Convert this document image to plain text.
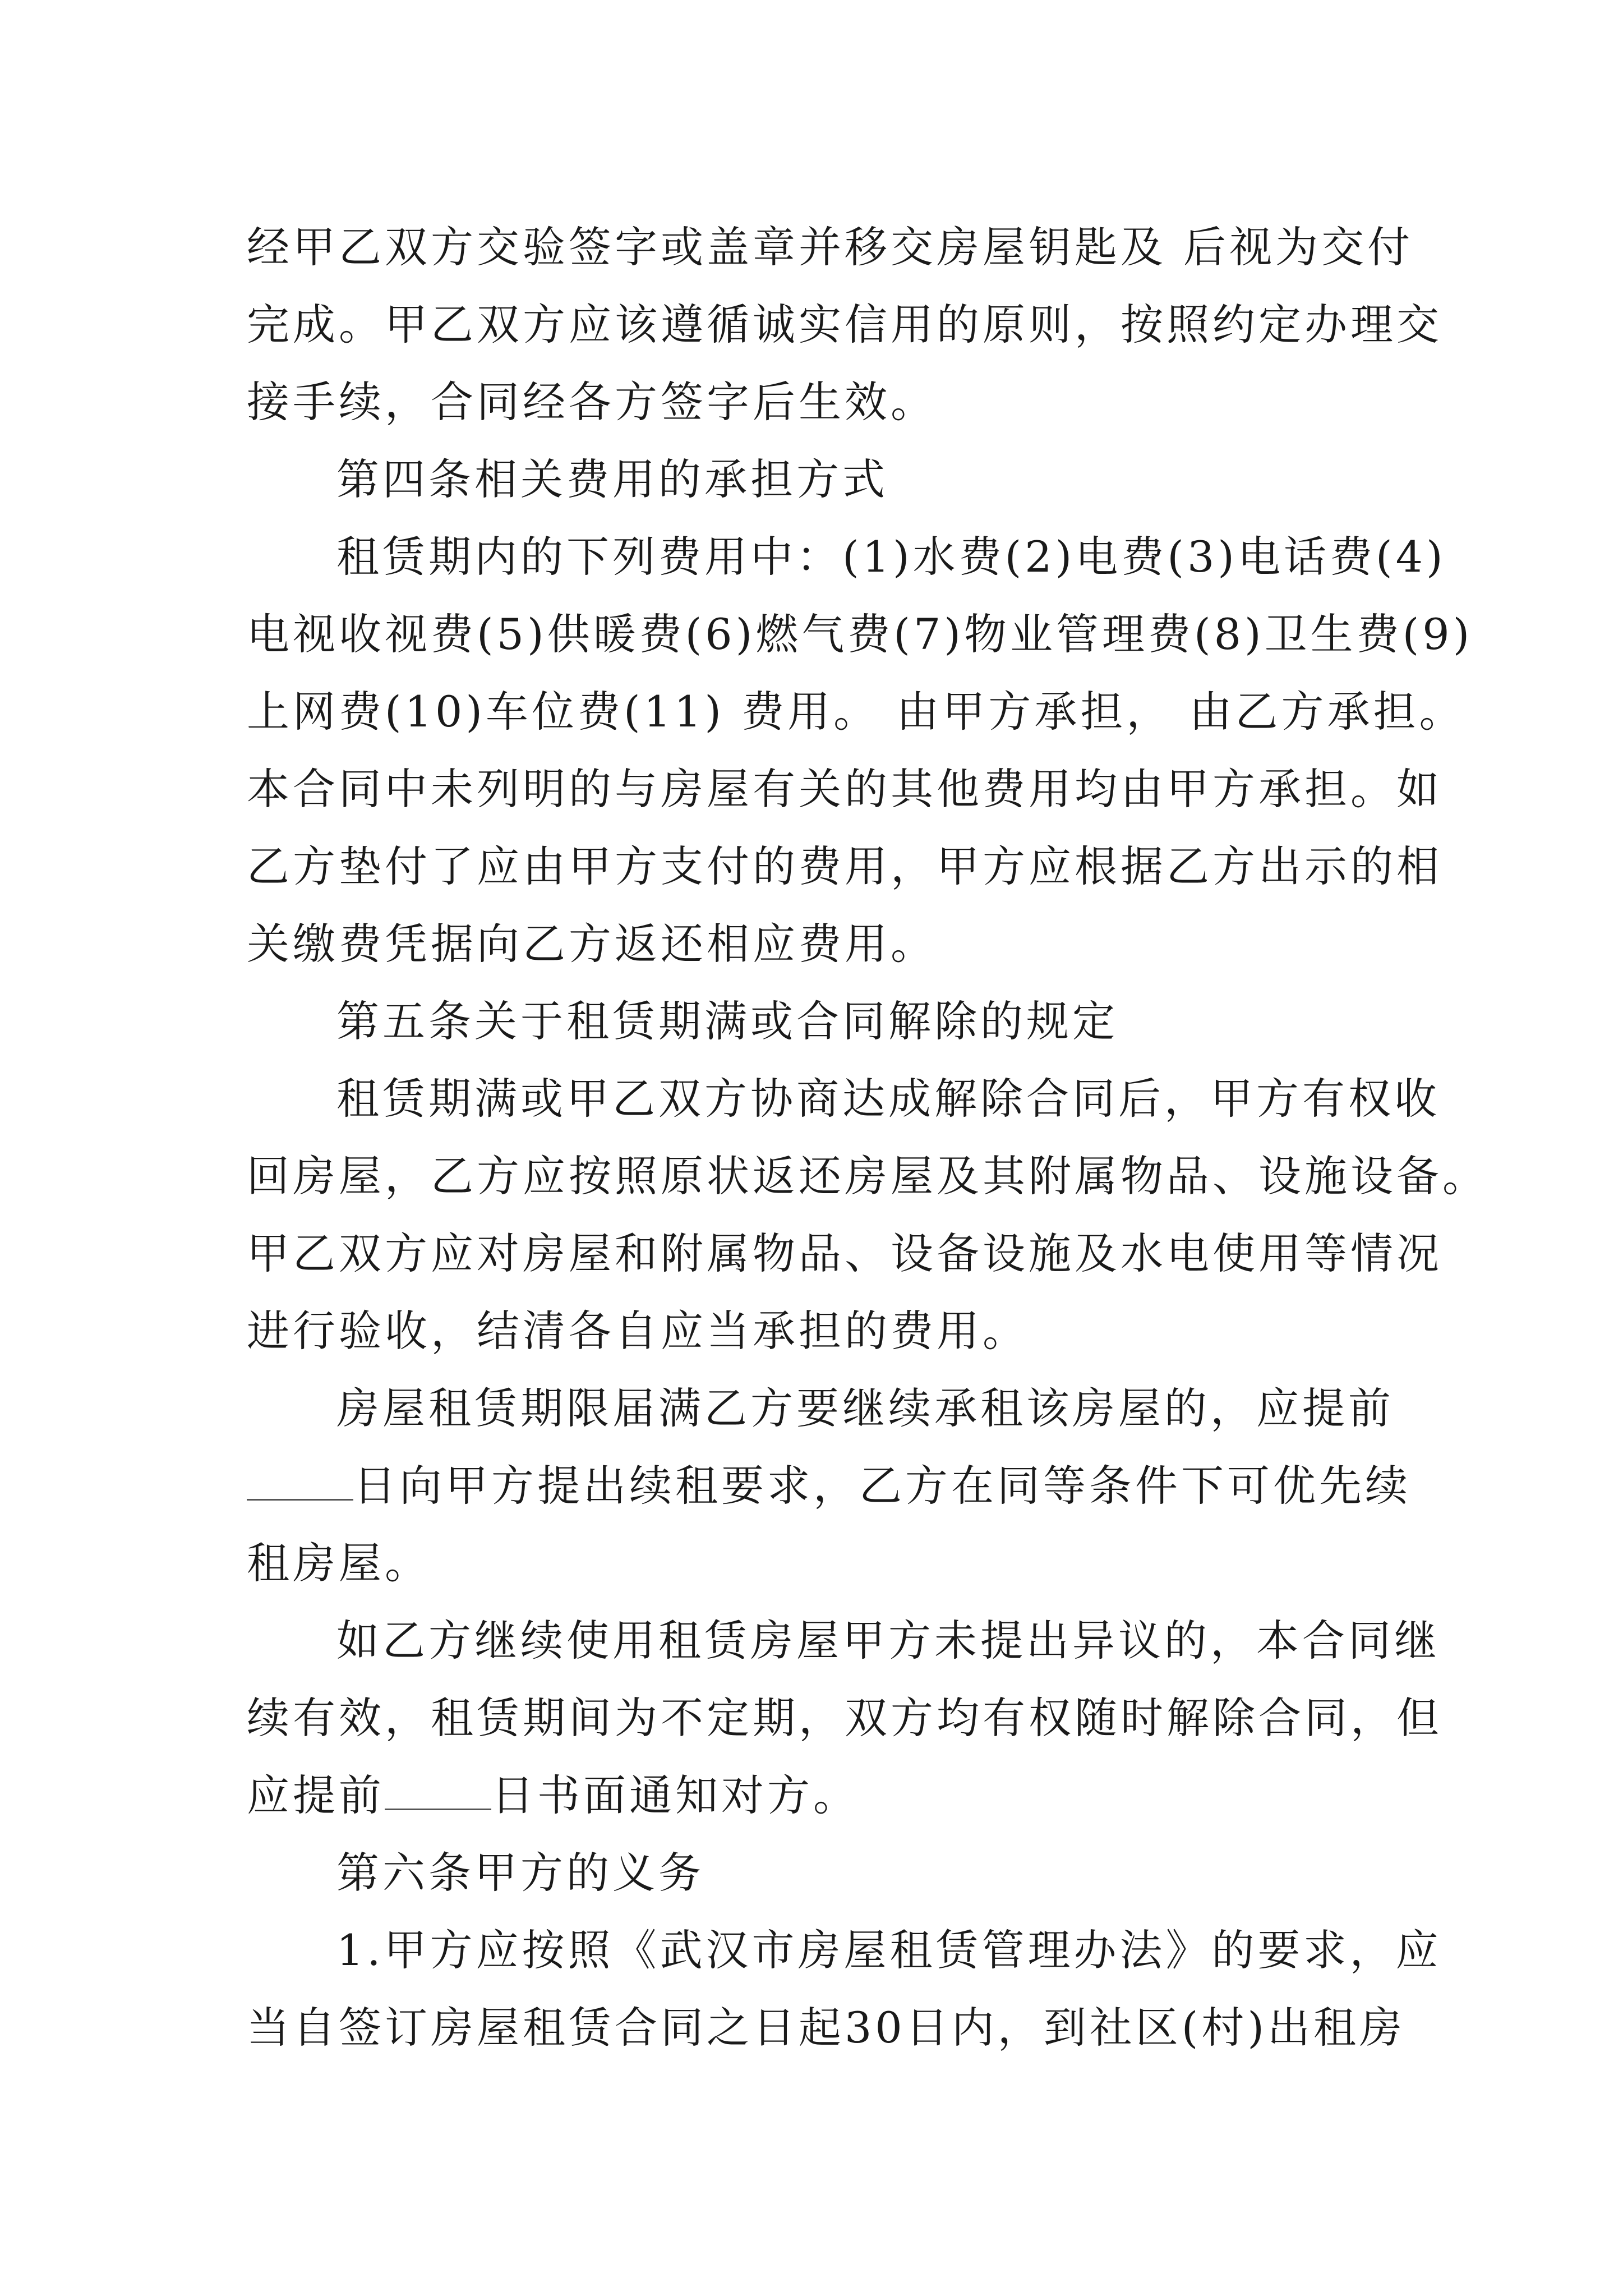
经甲乙双方交验签字或盖章并移交房屋钥匙及 后视为交付
完成。甲乙双方应该遵循诚实信用的原则，按照约定办理交
接手续，合同经各方签字后生效。
第四条相关费用的承担方式
租赁期内的下列费用中：(1)水费(2)电费(3)电话费(4)
电视收视费(5)供暖费(6)燃气费(7)物业管理费(8)卫生费(9)
上网费(10)车位费(11) 费用。 由甲方承担， 由乙方承担。
本合同中未列明的与房屋有关的其他费用均由甲方承担。如
乙方垫付了应由甲方支付的费用，甲方应根据乙方出示的相
关缴费凭据向乙方返还相应费用。
第五条关于租赁期满或合同解除的规定
租赁期满或甲乙双方协商达成解除合同后，甲方有权收
回房屋，乙方应按照原状返还房屋及其附属物品、设施设备。
甲乙双方应对房屋和附属物品、设备设施及水电使用等情况
进行验收，结清各自应当承担的费用。
房屋租赁期限届满乙方要继续承租该房屋的，应提前
日向甲方提出续租要求，乙方在同等条件下可优先续
租房屋。
如乙方继续使用租赁房屋甲方未提出异议的，本合同继
续有效，租赁期间为不定期，双方均有权随时解除合同，但
应提前	日书面通知对方。
第六条甲方的义务
1.甲方应按照《武汉市房屋租赁管理办法》的要求，应
当自签订房屋租赁合同之日起30日内，到社区(村)出租房
